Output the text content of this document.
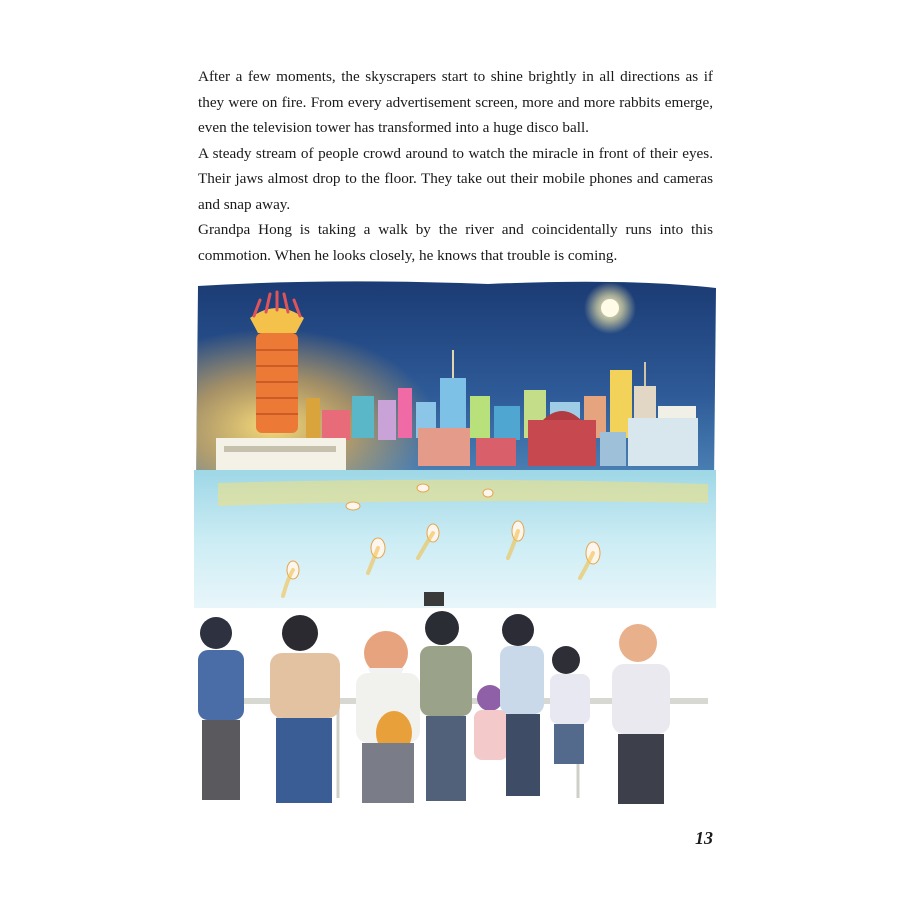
After a few moments, the skyscrapers start to shine brightly in all directions as if they were on fire. From every advertisement screen, more and more rabbits emerge, even the television tower has transformed into a huge disco ball.

A steady stream of people crowd around to watch the miracle in front of their eyes. Their jaws almost drop to the floor. They take out their mobile phones and cameras and snap away.

Grandpa Hong is taking a walk by the river and coincidentally runs into this commotion. When he looks closely, he knows that trouble is coming.

13
